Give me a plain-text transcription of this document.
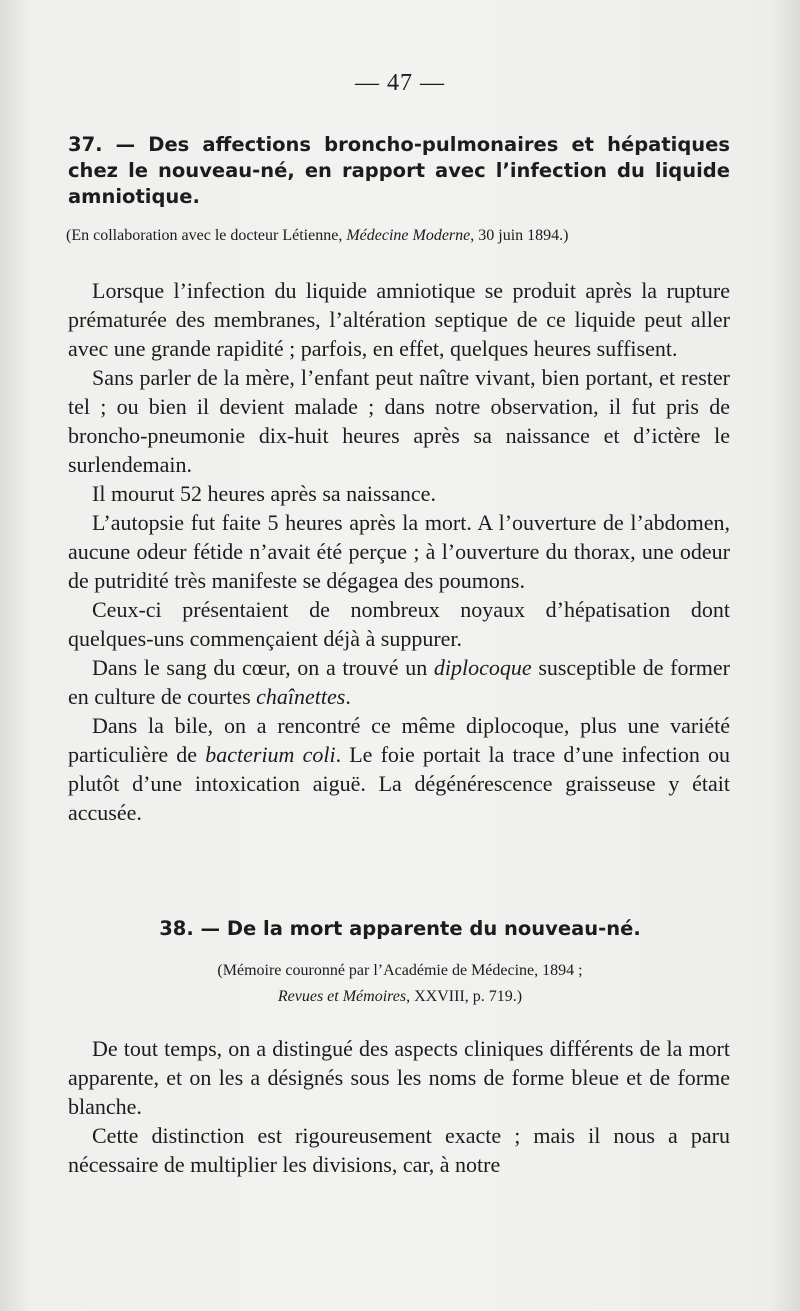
— 47 —
37. — Des affections broncho-pulmonaires et hépatiques chez le nouveau-né, en rapport avec l’infection du liquide amniotique.

(En collaboration avec le docteur Létienne, Médecine Moderne, 30 juin 1894.)

Lorsque l’infection du liquide amniotique se produit après la rupture prématurée des membranes, l’altération septique de ce liquide peut aller avec une grande rapidité ; parfois, en effet, quelques heures suffisent.

Sans parler de la mère, l’enfant peut naître vivant, bien portant, et rester tel ; ou bien il devient malade ; dans notre observation, il fut pris de broncho-pneumonie dix-huit heures après sa naissance et d’ictère le surlendemain.

Il mourut 52 heures après sa naissance.

L’autopsie fut faite 5 heures après la mort. A l’ouverture de l’abdomen, aucune odeur fétide n’avait été perçue ; à l’ouverture du thorax, une odeur de putridité très manifeste se dégagea des poumons.

Ceux-ci présentaient de nombreux noyaux d’hépatisation dont quelques-uns commençaient déjà à suppurer.

Dans le sang du cœur, on a trouvé un diplocoque susceptible de former en culture de courtes chaînettes.

Dans la bile, on a rencontré ce même diplocoque, plus une variété particulière de bacterium coli. Le foie portait la trace d’une infection ou plutôt d’une intoxication aiguë. La dégénérescence graisseuse y était accusée.

38. — De la mort apparente du nouveau-né.

(Mémoire couronné par l’Académie de Médecine, 1894 ;
Revues et Mémoires, XXVIII, p. 719.)

De tout temps, on a distingué des aspects cliniques différents de la mort apparente, et on les a désignés sous les noms de forme bleue et de forme blanche.

Cette distinction est rigoureusement exacte ; mais il nous a paru nécessaire de multiplier les divisions, car, à notre
